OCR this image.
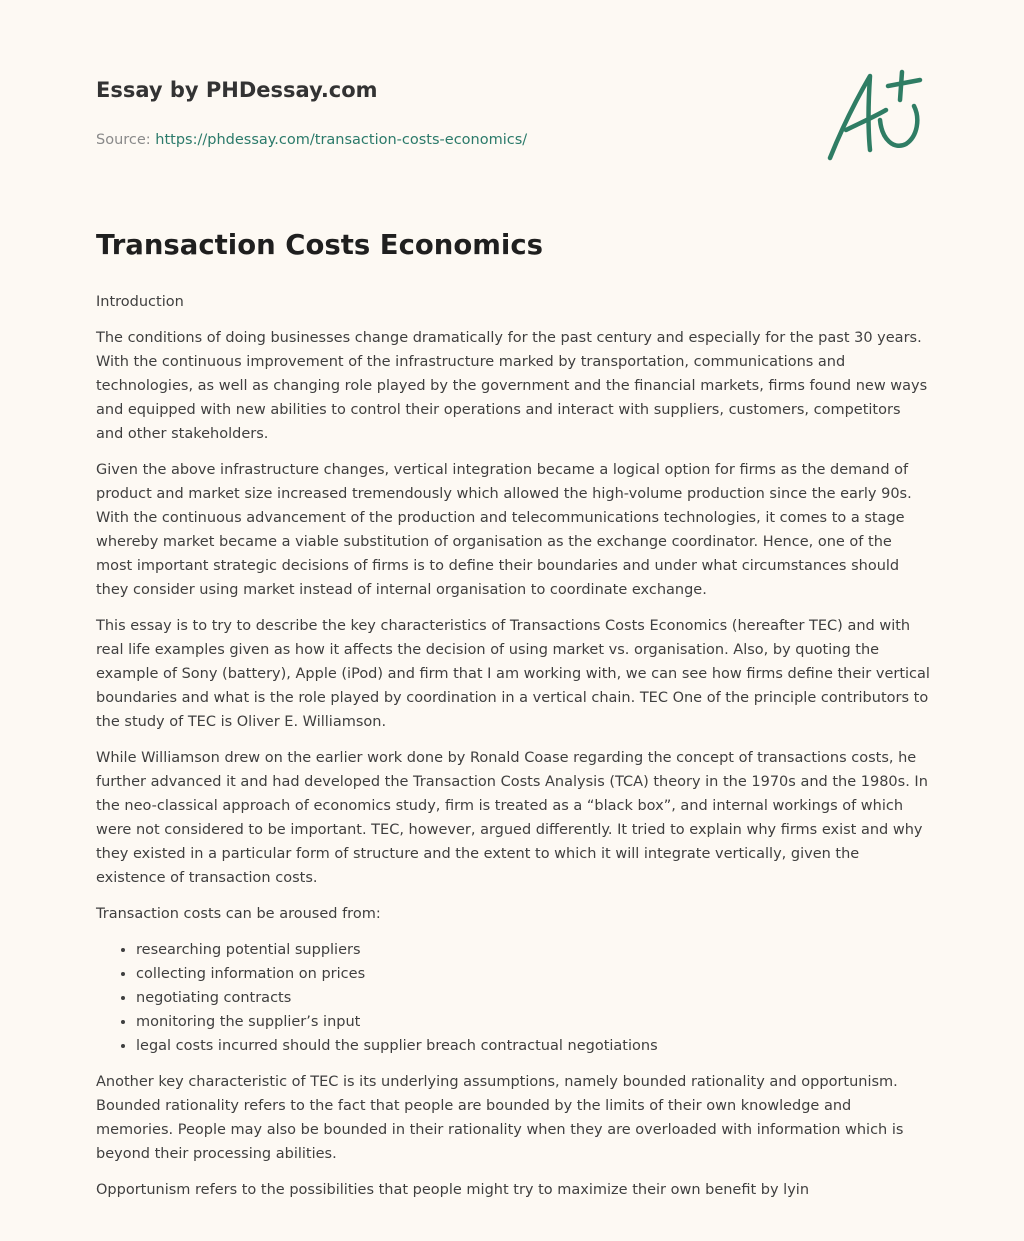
Essay by PHDessay.com
Source: https://phdessay.com/transaction-costs-economics/
Transaction Costs Economics
Introduction

The conditions of doing businesses change dramatically for the past century and especially for the past 30 years. With the continuous improvement of the infrastructure marked by transportation, communications and technologies, as well as changing role played by the government and the financial markets, firms found new ways and equipped with new abilities to control their operations and interact with suppliers, customers, competitors and other stakeholders.

Given the above infrastructure changes, vertical integration became a logical option for firms as the demand of product and market size increased tremendously which allowed the high-volume production since the early 90s. With the continuous advancement of the production and telecommunications technologies, it comes to a stage whereby market became a viable substitution of organisation as the exchange coordinator. Hence, one of the most important strategic decisions of firms is to define their boundaries and under what circumstances should they consider using market instead of internal organisation to coordinate exchange.

This essay is to try to describe the key characteristics of Transactions Costs Economics (hereafter TEC) and with real life examples given as how it affects the decision of using market vs. organisation. Also, by quoting the example of Sony (battery), Apple (iPod) and firm that I am working with, we can see how firms define their vertical boundaries and what is the role played by coordination in a vertical chain. TEC One of the principle contributors to the study of TEC is Oliver E. Williamson.

While Williamson drew on the earlier work done by Ronald Coase regarding the concept of transactions costs, he further advanced it and had developed the Transaction Costs Analysis (TCA) theory in the 1970s and the 1980s. In the neo-classical approach of economics study, firm is treated as a “black box”, and internal workings of which were not considered to be important. TEC, however, argued differently. It tried to explain why firms exist and why they existed in a particular form of structure and the extent to which it will integrate vertically, given the existence of transaction costs.

Transaction costs can be aroused from:

• researching potential suppliers
• collecting information on prices
• negotiating contracts
• monitoring the supplier’s input
• legal costs incurred should the supplier breach contractual negotiations

Another key characteristic of TEC is its underlying assumptions, namely bounded rationality and opportunism. Bounded rationality refers to the fact that people are bounded by the limits of their own knowledge and memories. People may also be bounded in their rationality when they are overloaded with information which is beyond their processing abilities.

Opportunism refers to the possibilities that people might try to maximize their own benefit by lyin
